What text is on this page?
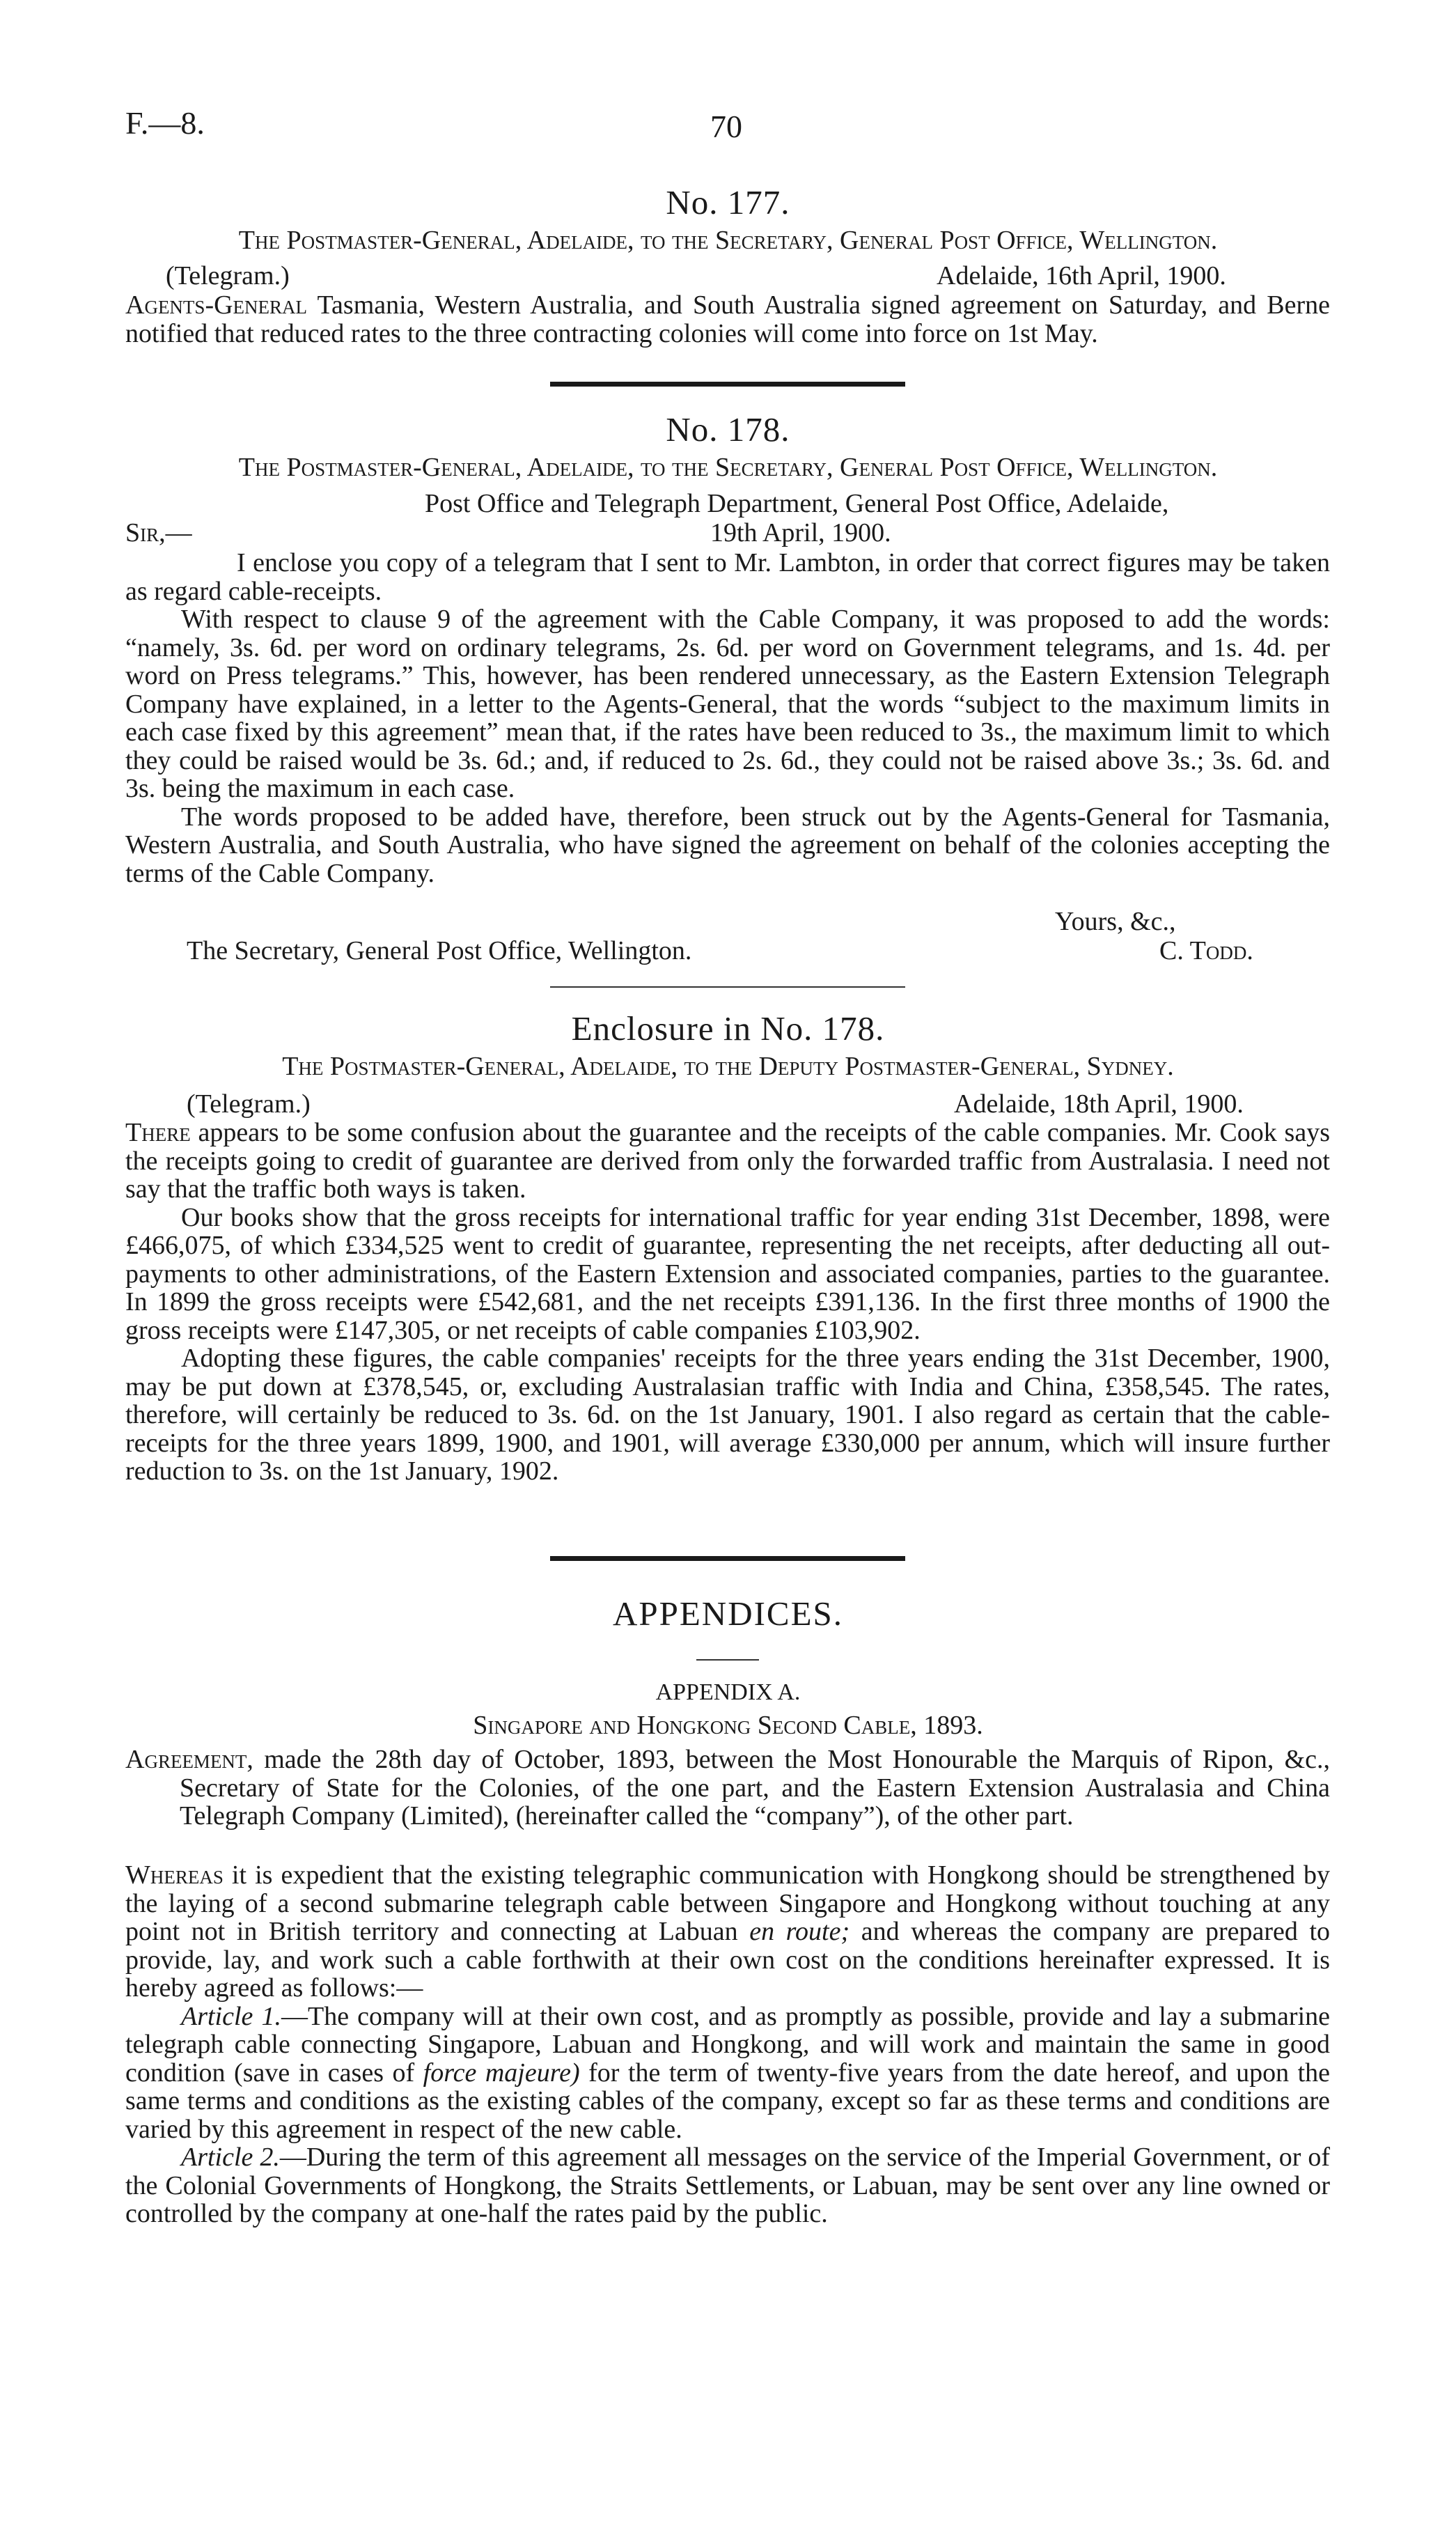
F.—8.	70
No. 177.
The Postmaster-General, Adelaide, to the Secretary, General Post Office, Wellington.
(Telegram.)	Adelaide, 16th April, 1900.
Agents-General Tasmania, Western Australia, and South Australia signed agreement on Saturday, and Berne notified that reduced rates to the three contracting colonies will come into force on 1st May.
No. 178.
The Postmaster-General, Adelaide, to the Secretary, General Post Office, Wellington.
Post Office and Telegraph Department, General Post Office, Adelaide,
Sir,—	19th April, 1900.
I enclose you copy of a telegram that I sent to Mr. Lambton, in order that correct figures may be taken as regard cable-receipts.
With respect to clause 9 of the agreement with the Cable Company, it was proposed to add the words: “namely, 3s. 6d. per word on ordinary telegrams, 2s. 6d. per word on Government telegrams, and 1s. 4d. per word on Press telegrams.” This, however, has been rendered unnecessary, as the Eastern Extension Telegraph Company have explained, in a letter to the Agents-General, that the words “subject to the maximum limits in each case fixed by this agreement” mean that, if the rates have been reduced to 3s., the maximum limit to which they could be raised would be 3s. 6d.; and, if reduced to 2s. 6d., they could not be raised above 3s.; 3s. 6d. and 3s. being the maximum in each case.
The words proposed to be added have, therefore, been struck out by the Agents-General for Tasmania, Western Australia, and South Australia, who have signed the agreement on behalf of the colonies accepting the terms of the Cable Company.
Yours, &c.,
The Secretary, General Post Office, Wellington.	C. Todd.
Enclosure in No. 178.
The Postmaster-General, Adelaide, to the Deputy Postmaster-General, Sydney.
(Telegram.)	Adelaide, 18th April, 1900.
There appears to be some confusion about the guarantee and the receipts of the cable companies. Mr. Cook says the receipts going to credit of guarantee are derived from only the forwarded traffic from Australasia. I need not say that the traffic both ways is taken.
Our books show that the gross receipts for international traffic for year ending 31st December, 1898, were £466,075, of which £334,525 went to credit of guarantee, representing the net receipts, after deducting all out-payments to other administrations, of the Eastern Extension and associated companies, parties to the guarantee. In 1899 the gross receipts were £542,681, and the net receipts £391,136. In the first three months of 1900 the gross receipts were £147,305, or net receipts of cable companies £103,902.
Adopting these figures, the cable companies' receipts for the three years ending the 31st December, 1900, may be put down at £378,545, or, excluding Australasian traffic with India and China, £358,545. The rates, therefore, will certainly be reduced to 3s. 6d. on the 1st January, 1901. I also regard as certain that the cable-receipts for the three years 1899, 1900, and 1901, will average £330,000 per annum, which will insure further reduction to 3s. on the 1st January, 1902.
APPENDICES.
APPENDIX A.
Singapore and Hongkong Second Cable, 1893.
Agreement, made the 28th day of October, 1893, between the Most Honourable the Marquis of Ripon, &c., Secretary of State for the Colonies, of the one part, and the Eastern Extension Australasia and China Telegraph Company (Limited), (hereinafter called the “company”), of the other part.
Whereas it is expedient that the existing telegraphic communication with Hongkong should be strengthened by the laying of a second submarine telegraph cable between Singapore and Hongkong without touching at any point not in British territory and connecting at Labuan en route; and whereas the company are prepared to provide, lay, and work such a cable forthwith at their own cost on the conditions hereinafter expressed. It is hereby agreed as follows:—
Article 1.—The company will at their own cost, and as promptly as possible, provide and lay a submarine telegraph cable connecting Singapore, Labuan and Hongkong, and will work and maintain the same in good condition (save in cases of force majeure) for the term of twenty-five years from the date hereof, and upon the same terms and conditions as the existing cables of the company, except so far as these terms and conditions are varied by this agreement in respect of the new cable.
Article 2.—During the term of this agreement all messages on the service of the Imperial Government, or of the Colonial Governments of Hongkong, the Straits Settlements, or Labuan, may be sent over any line owned or controlled by the company at one-half the rates paid by the public.
